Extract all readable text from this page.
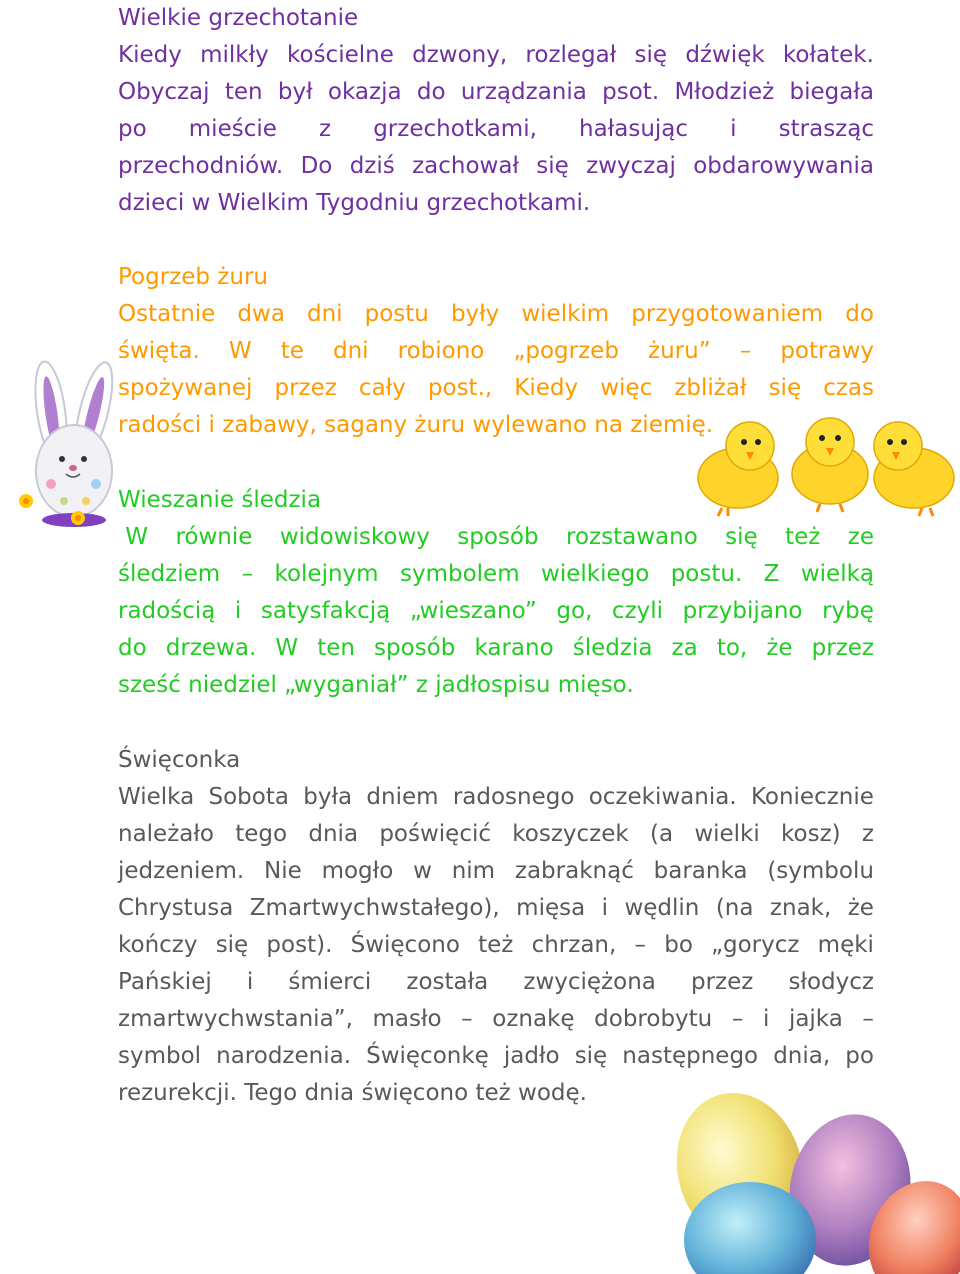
Wielkie grzechotanie
Kiedy milkły kościelne dzwony, rozlegał się dźwięk kołatek.
Obyczaj ten był okazja do urządzania psot. Młodzież biegała
po mieście z grzechotkami, hałasując i strasząc
przechodniów. Do dziś zachował się zwyczaj obdarowywania
dzieci w Wielkim Tygodniu grzechotkami.
Pogrzeb żuru
Ostatnie dwa dni postu były wielkim przygotowaniem do
święta. W te dni robiono „pogrzeb żuru” – potrawy
spożywanej przez cały post., Kiedy więc zbliżał się czas
radości i zabawy, sagany żuru wylewano na ziemię.
Wieszanie śledzia
W równie widowiskowy sposób rozstawano się też ze
śledziem – kolejnym symbolem wielkiego postu. Z wielką
radością i satysfakcją „wieszano” go, czyli przybijano rybę
do drzewa. W ten sposób karano śledzia za to, że przez
sześć niedziel „wyganiał” z jadłospisu mięso.
Święconka
Wielka Sobota była dniem radosnego oczekiwania. Koniecznie
należało tego dnia poświęcić koszyczek (a wielki kosz) z
jedzeniem. Nie mogło w nim zabraknąć baranka (symbolu
Chrystusa Zmartwychwstałego), mięsa i wędlin (na znak, że
kończy się post). Święcono też chrzan, – bo „gorycz męki
Pańskiej i śmierci została zwyciężona przez słodycz
zmartwychwstania”, masło – oznakę dobrobytu – i jajka –
symbol narodzenia. Święconkę jadło się następnego dnia, po
rezurekcji. Tego dnia święcono też wodę.
